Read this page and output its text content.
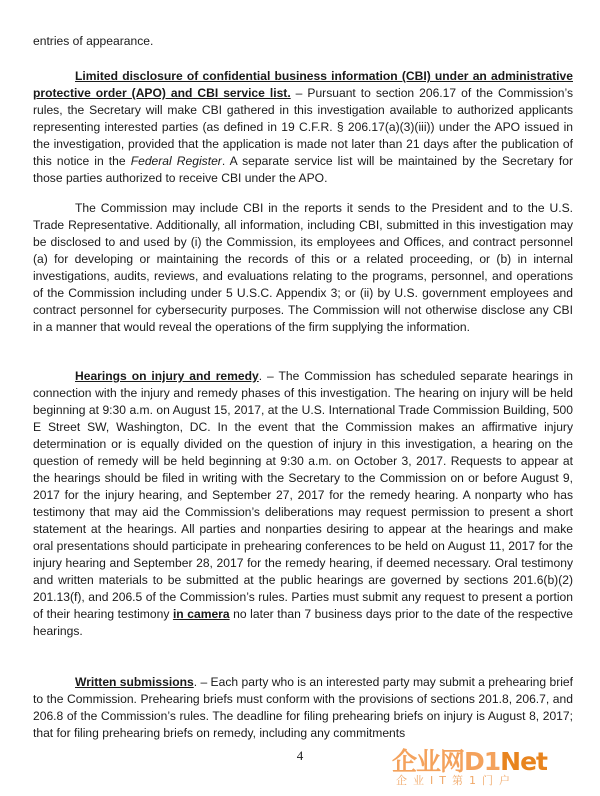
entries of appearance.

Limited disclosure of confidential business information (CBI) under an administrative protective order (APO) and CBI service list. – Pursuant to section 206.17 of the Commission’s rules, the Secretary will make CBI gathered in this investigation available to authorized applicants representing interested parties (as defined in 19 C.F.R. § 206.17(a)(3)(iii)) under the APO issued in the investigation, provided that the application is made not later than 21 days after the publication of this notice in the Federal Register. A separate service list will be maintained by the Secretary for those parties authorized to receive CBI under the APO.

The Commission may include CBI in the reports it sends to the President and to the U.S. Trade Representative. Additionally, all information, including CBI, submitted in this investigation may be disclosed to and used by (i) the Commission, its employees and Offices, and contract personnel (a) for developing or maintaining the records of this or a related proceeding, or (b) in internal investigations, audits, reviews, and evaluations relating to the programs, personnel, and operations of the Commission including under 5 U.S.C. Appendix 3; or (ii) by U.S. government employees and contract personnel for cybersecurity purposes. The Commission will not otherwise disclose any CBI in a manner that would reveal the operations of the firm supplying the information.

Hearings on injury and remedy. – The Commission has scheduled separate hearings in connection with the injury and remedy phases of this investigation. The hearing on injury will be held beginning at 9:30 a.m. on August 15, 2017, at the U.S. International Trade Commission Building, 500 E Street SW, Washington, DC. In the event that the Commission makes an affirmative injury determination or is equally divided on the question of injury in this investigation, a hearing on the question of remedy will be held beginning at 9:30 a.m. on October 3, 2017. Requests to appear at the hearings should be filed in writing with the Secretary to the Commission on or before August 9, 2017 for the injury hearing, and September 27, 2017 for the remedy hearing. A nonparty who has testimony that may aid the Commission’s deliberations may request permission to present a short statement at the hearings. All parties and nonparties desiring to appear at the hearings and make oral presentations should participate in prehearing conferences to be held on August 11, 2017 for the injury hearing and September 28, 2017 for the remedy hearing, if deemed necessary. Oral testimony and written materials to be submitted at the public hearings are governed by sections 201.6(b)(2) 201.13(f), and 206.5 of the Commission’s rules. Parties must submit any request to present a portion of their hearing testimony in camera no later than 7 business days prior to the date of the respective hearings.

Written submissions. – Each party who is an interested party may submit a prehearing brief to the Commission. Prehearing briefs must conform with the provisions of sections 201.8, 206.7, and 206.8 of the Commission’s rules. The deadline for filing prehearing briefs on injury is August 8, 2017; that for filing prehearing briefs on remedy, including any commitments

4	企业网D1Net
企业IT第1门户
